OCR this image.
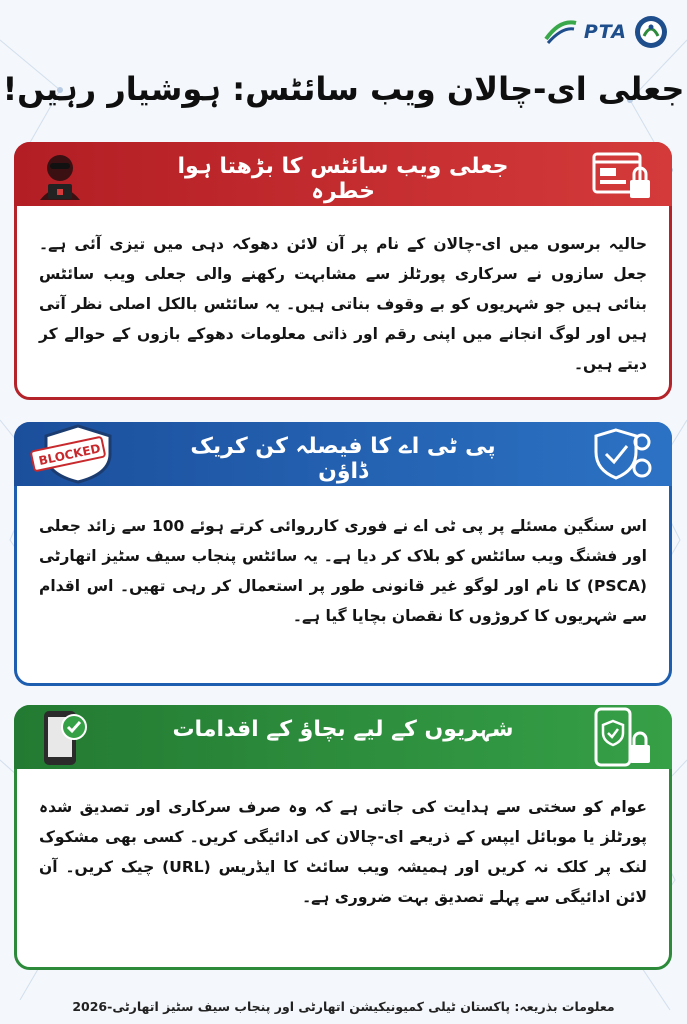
PTA
جعلی ای-چالان ویب سائٹس: ہوشیار رہیں!
جعلی ویب سائٹس کا بڑھتا ہوا خطرہ
حالیہ برسوں میں ای-چالان کے نام پر آن لائن دھوکہ دہی میں تیزی آئی ہے۔ جعل سازوں نے سرکاری پورٹلز سے مشابہت رکھنے والی جعلی ویب سائٹس بنائی ہیں جو شہریوں کو بے وقوف بناتی ہیں۔ یہ سائٹس بالکل اصلی نظر آتی ہیں اور لوگ انجانے میں اپنی رقم اور ذاتی معلومات دھوکے بازوں کے حوالے کر دیتے ہیں۔
BLOCKED	پی ٹی اے کا فیصلہ کن کریک ڈاؤن
اس سنگین مسئلے پر پی ٹی اے نے فوری کارروائی کرتے ہوئے 100 سے زائد جعلی اور فشنگ ویب سائٹس کو بلاک کر دیا ہے۔ یہ سائٹس پنجاب سیف سٹیز اتھارٹی (PSCA) کا نام اور لوگو غیر قانونی طور پر استعمال کر رہی تھیں۔ اس اقدام سے شہریوں کا کروڑوں کا نقصان بچایا گیا ہے۔
شہریوں کے لیے بچاؤ کے اقدامات
عوام کو سختی سے ہدایت کی جاتی ہے کہ وہ صرف سرکاری اور تصدیق شدہ پورٹلز یا موبائل ایپس کے ذریعے ای-چالان کی ادائیگی کریں۔ کسی بھی مشکوک لنک پر کلک نہ کریں اور ہمیشہ ویب سائٹ کا ایڈریس (URL) چیک کریں۔ آن لائن ادائیگی سے پہلے تصدیق بہت ضروری ہے۔
معلومات بذریعہ: پاکستان ٹیلی کمیونیکیشن اتھارٹی اور پنجاب سیف سٹیز اتھارٹی-2026
